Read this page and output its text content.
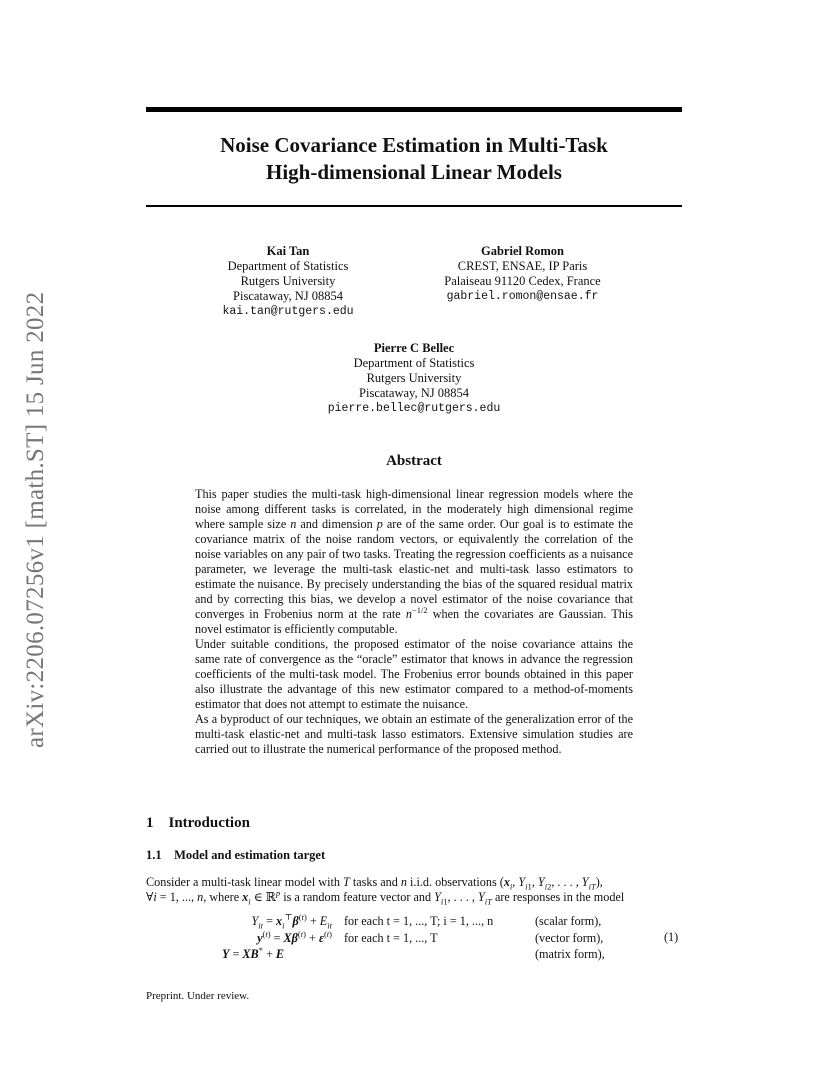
arXiv:2206.07256v1 [math.ST] 15 Jun 2022
Noise Covariance Estimation in Multi-Task
High-dimensional Linear Models
Kai Tan
Department of Statistics
Rutgers University
Piscataway, NJ 08854
kai.tan@rutgers.edu
Gabriel Romon
CREST, ENSAE, IP Paris
Palaiseau 91120 Cedex, France
gabriel.romon@ensae.fr
Pierre C Bellec
Department of Statistics
Rutgers University
Piscataway, NJ 08854
pierre.bellec@rutgers.edu
Abstract

This paper studies the multi-task high-dimensional linear regression models where the noise among different tasks is correlated, in the moderately high dimensional regime where sample size n and dimension p are of the same order. Our goal is to estimate the covariance matrix of the noise random vectors, or equivalently the correlation of the noise variables on any pair of two tasks. Treating the regression coefficients as a nuisance parameter, we leverage the multi-task elastic-net and multi-task lasso estimators to estimate the nuisance. By precisely understanding the bias of the squared residual matrix and by correcting this bias, we develop a novel estimator of the noise covariance that converges in Frobenius norm at the rate $n^{-1/2}$ when the covariates are Gaussian. This novel estimator is efficiently computable.

Under suitable conditions, the proposed estimator of the noise covariance attains the same rate of convergence as the “oracle” estimator that knows in advance the regression coefficients of the multi-task model. The Frobenius error bounds obtained in this paper also illustrate the advantage of this new estimator compared to a method-of-moments estimator that does not attempt to estimate the nuisance.

As a byproduct of our techniques, we obtain an estimate of the generalization error of the multi-task elastic-net and multi-task lasso estimators. Extensive simulation studies are carried out to illustrate the numerical performance of the proposed method.

1 Introduction
1.1 Model and estimation target
Consider a multi-task linear model with T tasks and n i.i.d. observations ($x_i$, $Y_{i1}$, $Y_{i2}$, . . . , $Y_{iT}$),
∀i = 1, ..., n, where $x_i$ ∈ ℝ$^p$ is a random feature vector and $Y_{i1}$, . . . , $Y_{iT}$ are responses in the model
$Y_{it} = x_i^⊤\beta^{(t)} + E_{it}$
$y^{(t)} = X\beta^{(t)} + \varepsilon^{(t)}$
Y = XB* + E
for each t = 1, ..., T; i = 1, ..., n
for each t = 1, ..., T
(scalar form),
(vector form),
(matrix form),
(1)
Preprint. Under review.
